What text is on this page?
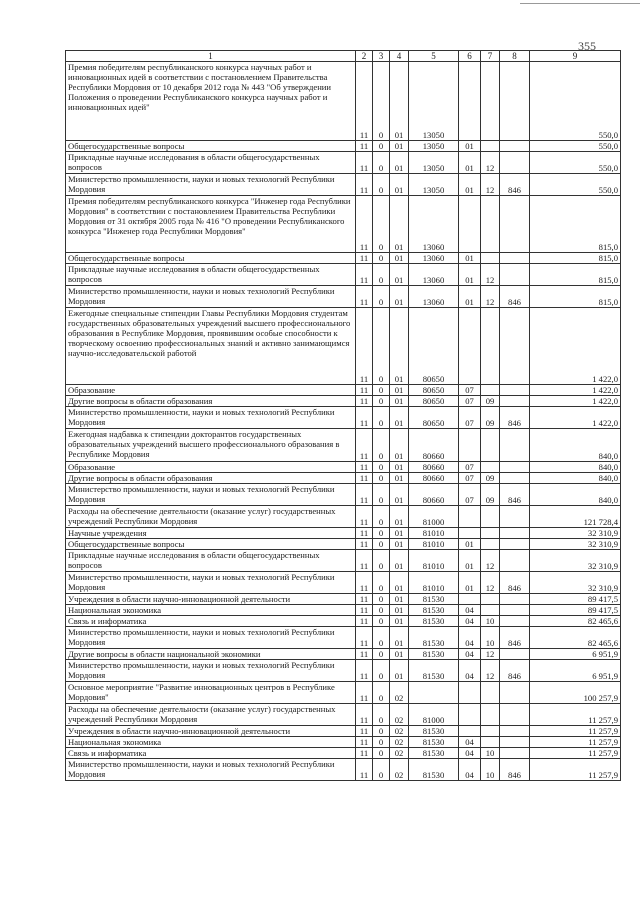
355
1	2	3	4	5	6	7	8	9
Премия победителям республиканского конкурса научных работ и инновационных идей в соответствии с постановлением Правительства Республики Мордовия от 10 декабря 2012 года № 443 "Об утверждении Положения о проведении Республиканского конкурса научных работ и инновационных идей"	11	0	01	13050				550,0
Общегосударственные вопросы	11	0	01	13050	01			550,0
Прикладные научные исследования в области общегосударственных вопросов	11	0	01	13050	01	12		550,0
Министерство промышленности, науки и новых технологий Республики Мордовия	11	0	01	13050	01	12	846	550,0
Премия победителям республиканского конкурса "Инженер года Республики Мордовия" в соответствии с постановлением Правительства Республики Мордовия от 31 октября 2005 года № 416 "О проведении Республиканского конкурса "Инженер года Республики Мордовия"	11	0	01	13060				815,0
Общегосударственные вопросы	11	0	01	13060	01			815,0
Прикладные научные исследования в области общегосударственных вопросов	11	0	01	13060	01	12		815,0
Министерство промышленности, науки и новых технологий Республики Мордовия	11	0	01	13060	01	12	846	815,0
Ежегодные специальные стипендии Главы Республики Мордовия студентам государственных образовательных учреждений высшего профессионального образования в Республике Мордовия, проявившим особые способности к творческому освоению профессиональных знаний и активно занимающимся научно-исследовательской работой	11	0	01	80650				1 422,0
Образование	11	0	01	80650	07			1 422,0
Другие вопросы в области образования	11	0	01	80650	07	09		1 422,0
Министерство промышленности, науки и новых технологий Республики Мордовия	11	0	01	80650	07	09	846	1 422,0
Ежегодная надбавка к стипендии докторантов государственных образовательных учреждений высшего профессионального образования в Республике Мордовия	11	0	01	80660				840,0
Образование	11	0	01	80660	07			840,0
Другие вопросы в области образования	11	0	01	80660	07	09		840,0
Министерство промышленности, науки и новых технологий Республики Мордовия	11	0	01	80660	07	09	846	840,0
Расходы на обеспечение деятельности (оказание услуг) государственных учреждений Республики Мордовия	11	0	01	81000				121 728,4
Научные учреждения	11	0	01	81010				32 310,9
Общегосударственные вопросы	11	0	01	81010	01			32 310,9
Прикладные научные исследования в области общегосударственных вопросов	11	0	01	81010	01	12		32 310,9
Министерство промышленности, науки и новых технологий Республики Мордовия	11	0	01	81010	01	12	846	32 310,9
Учреждения в области научно-инновационной деятельности	11	0	01	81530				89 417,5
Национальная экономика	11	0	01	81530	04			89 417,5
Связь и информатика	11	0	01	81530	04	10		82 465,6
Министерство промышленности, науки и новых технологий Республики Мордовия	11	0	01	81530	04	10	846	82 465,6
Другие вопросы в области национальной экономики	11	0	01	81530	04	12		6 951,9
Министерство промышленности, науки и новых технологий Республики Мордовия	11	0	01	81530	04	12	846	6 951,9
Основное мероприятие "Развитие инновационных центров в Республике Мордовия"	11	0	02					100 257,9
Расходы на обеспечение деятельности (оказание услуг) государственных учреждений Республики Мордовия	11	0	02	81000				11 257,9
Учреждения в области научно-инновационной деятельности	11	0	02	81530				11 257,9
Национальная экономика	11	0	02	81530	04			11 257,9
Связь и информатика	11	0	02	81530	04	10		11 257,9
Министерство промышленности, науки и новых технологий Республики Мордовия	11	0	02	81530	04	10	846	11 257,9
